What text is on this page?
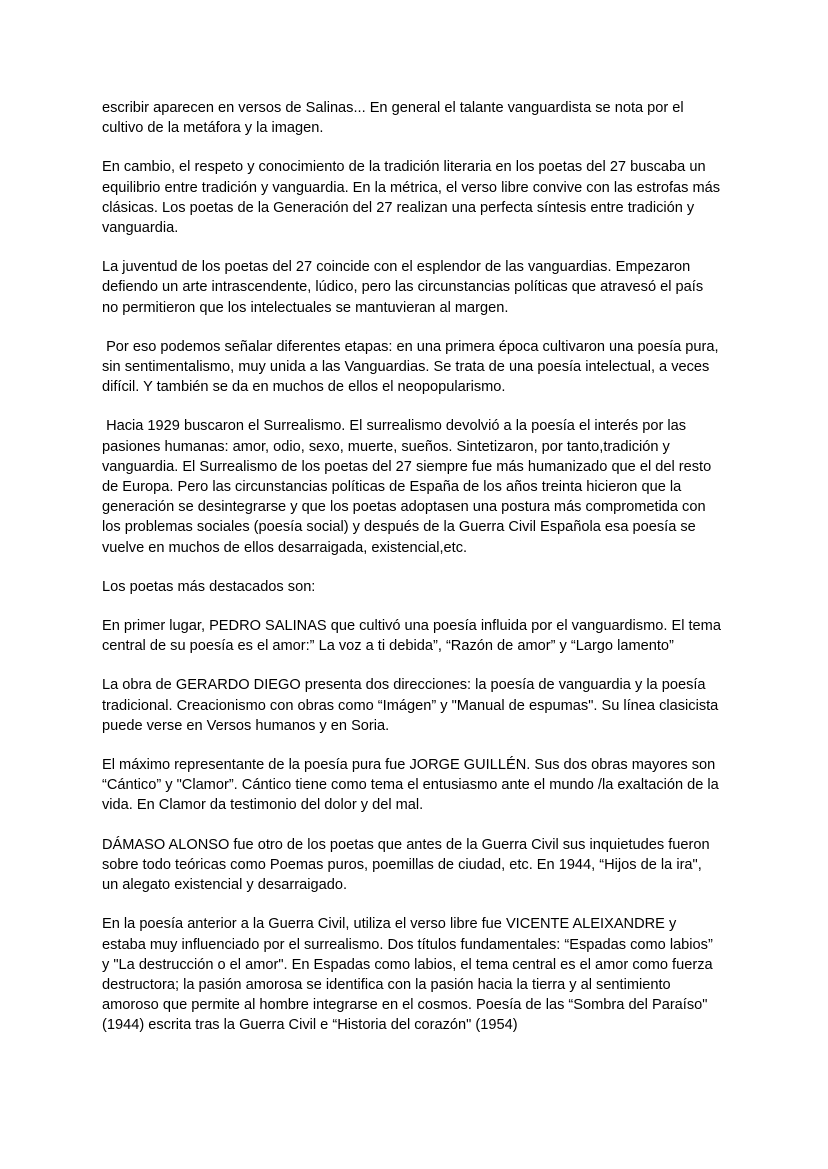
escribir aparecen en versos de Salinas... En general el talante vanguardista se nota por el cultivo de la metáfora y la imagen.

En cambio, el respeto y conocimiento de la tradición literaria en los poetas del 27 buscaba un equilibrio entre tradición y vanguardia. En la métrica, el verso libre convive con las estrofas más clásicas. Los poetas de la Generación del 27 realizan una perfecta síntesis entre tradición y vanguardia.

La juventud de los poetas del 27 coincide con el esplendor de las vanguardias. Empezaron defiendo un arte intrascendente, lúdico, pero las circunstancias políticas que atravesó el país no permitieron que los intelectuales se mantuvieran al margen.

Por eso podemos señalar diferentes etapas: en una primera época cultivaron una poesía pura, sin sentimentalismo, muy unida a las Vanguardias. Se trata de una poesía intelectual, a veces difícil. Y también se da en muchos de ellos el neopopularismo.

Hacia 1929 buscaron el Surrealismo. El surrealismo devolvió a la poesía el interés por las pasiones humanas: amor, odio, sexo, muerte, sueños. Sintetizaron, por tanto,tradición y vanguardia. El Surrealismo de los poetas del 27 siempre fue más humanizado que el del resto de Europa. Pero las circunstancias políticas de España de los años treinta hicieron que la generación se desintegrarse y que los poetas adoptasen una postura más comprometida con los problemas sociales (poesía social) y después de la Guerra Civil Española esa poesía se vuelve en muchos de ellos desarraigada, existencial,etc.

Los poetas más destacados son:

En primer lugar, PEDRO SALINAS que cultivó una poesía influida por el vanguardismo. El tema central de su poesía es el amor:” La voz a ti debida”, “Razón de amor” y “Largo lamento”

La obra de GERARDO DIEGO presenta dos direcciones: la poesía de vanguardia y la poesía tradicional. Creacionismo con obras como “Imágen” y "Manual de espumas". Su línea clasicista puede verse en Versos humanos y en Soria.

El máximo representante de la poesía pura fue JORGE GUILLÉN. Sus dos obras mayores son “Cántico” y "Clamor”. Cántico tiene como tema el entusiasmo ante el mundo /la exaltación de la vida. En Clamor da testimonio del dolor y del mal.

DÁMASO ALONSO fue otro de los poetas que antes de la Guerra Civil sus inquietudes fueron sobre todo teóricas como Poemas puros, poemillas de ciudad, etc. En 1944, “Hijos de la ira", un alegato existencial y desarraigado.

En la poesía anterior a la Guerra Civil, utiliza el verso libre fue VICENTE ALEIXANDRE y estaba muy influenciado por el surrealismo. Dos títulos fundamentales: “Espadas como labios” y "La destrucción o el amor". En Espadas como labios, el tema central es el amor como fuerza destructora; la pasión amorosa se identifica con la pasión hacia la tierra y al sentimiento amoroso que permite al hombre integrarse en el cosmos. Poesía de las “Sombra del Paraíso" (1944) escrita tras la Guerra Civil e “Historia del corazón" (1954)
